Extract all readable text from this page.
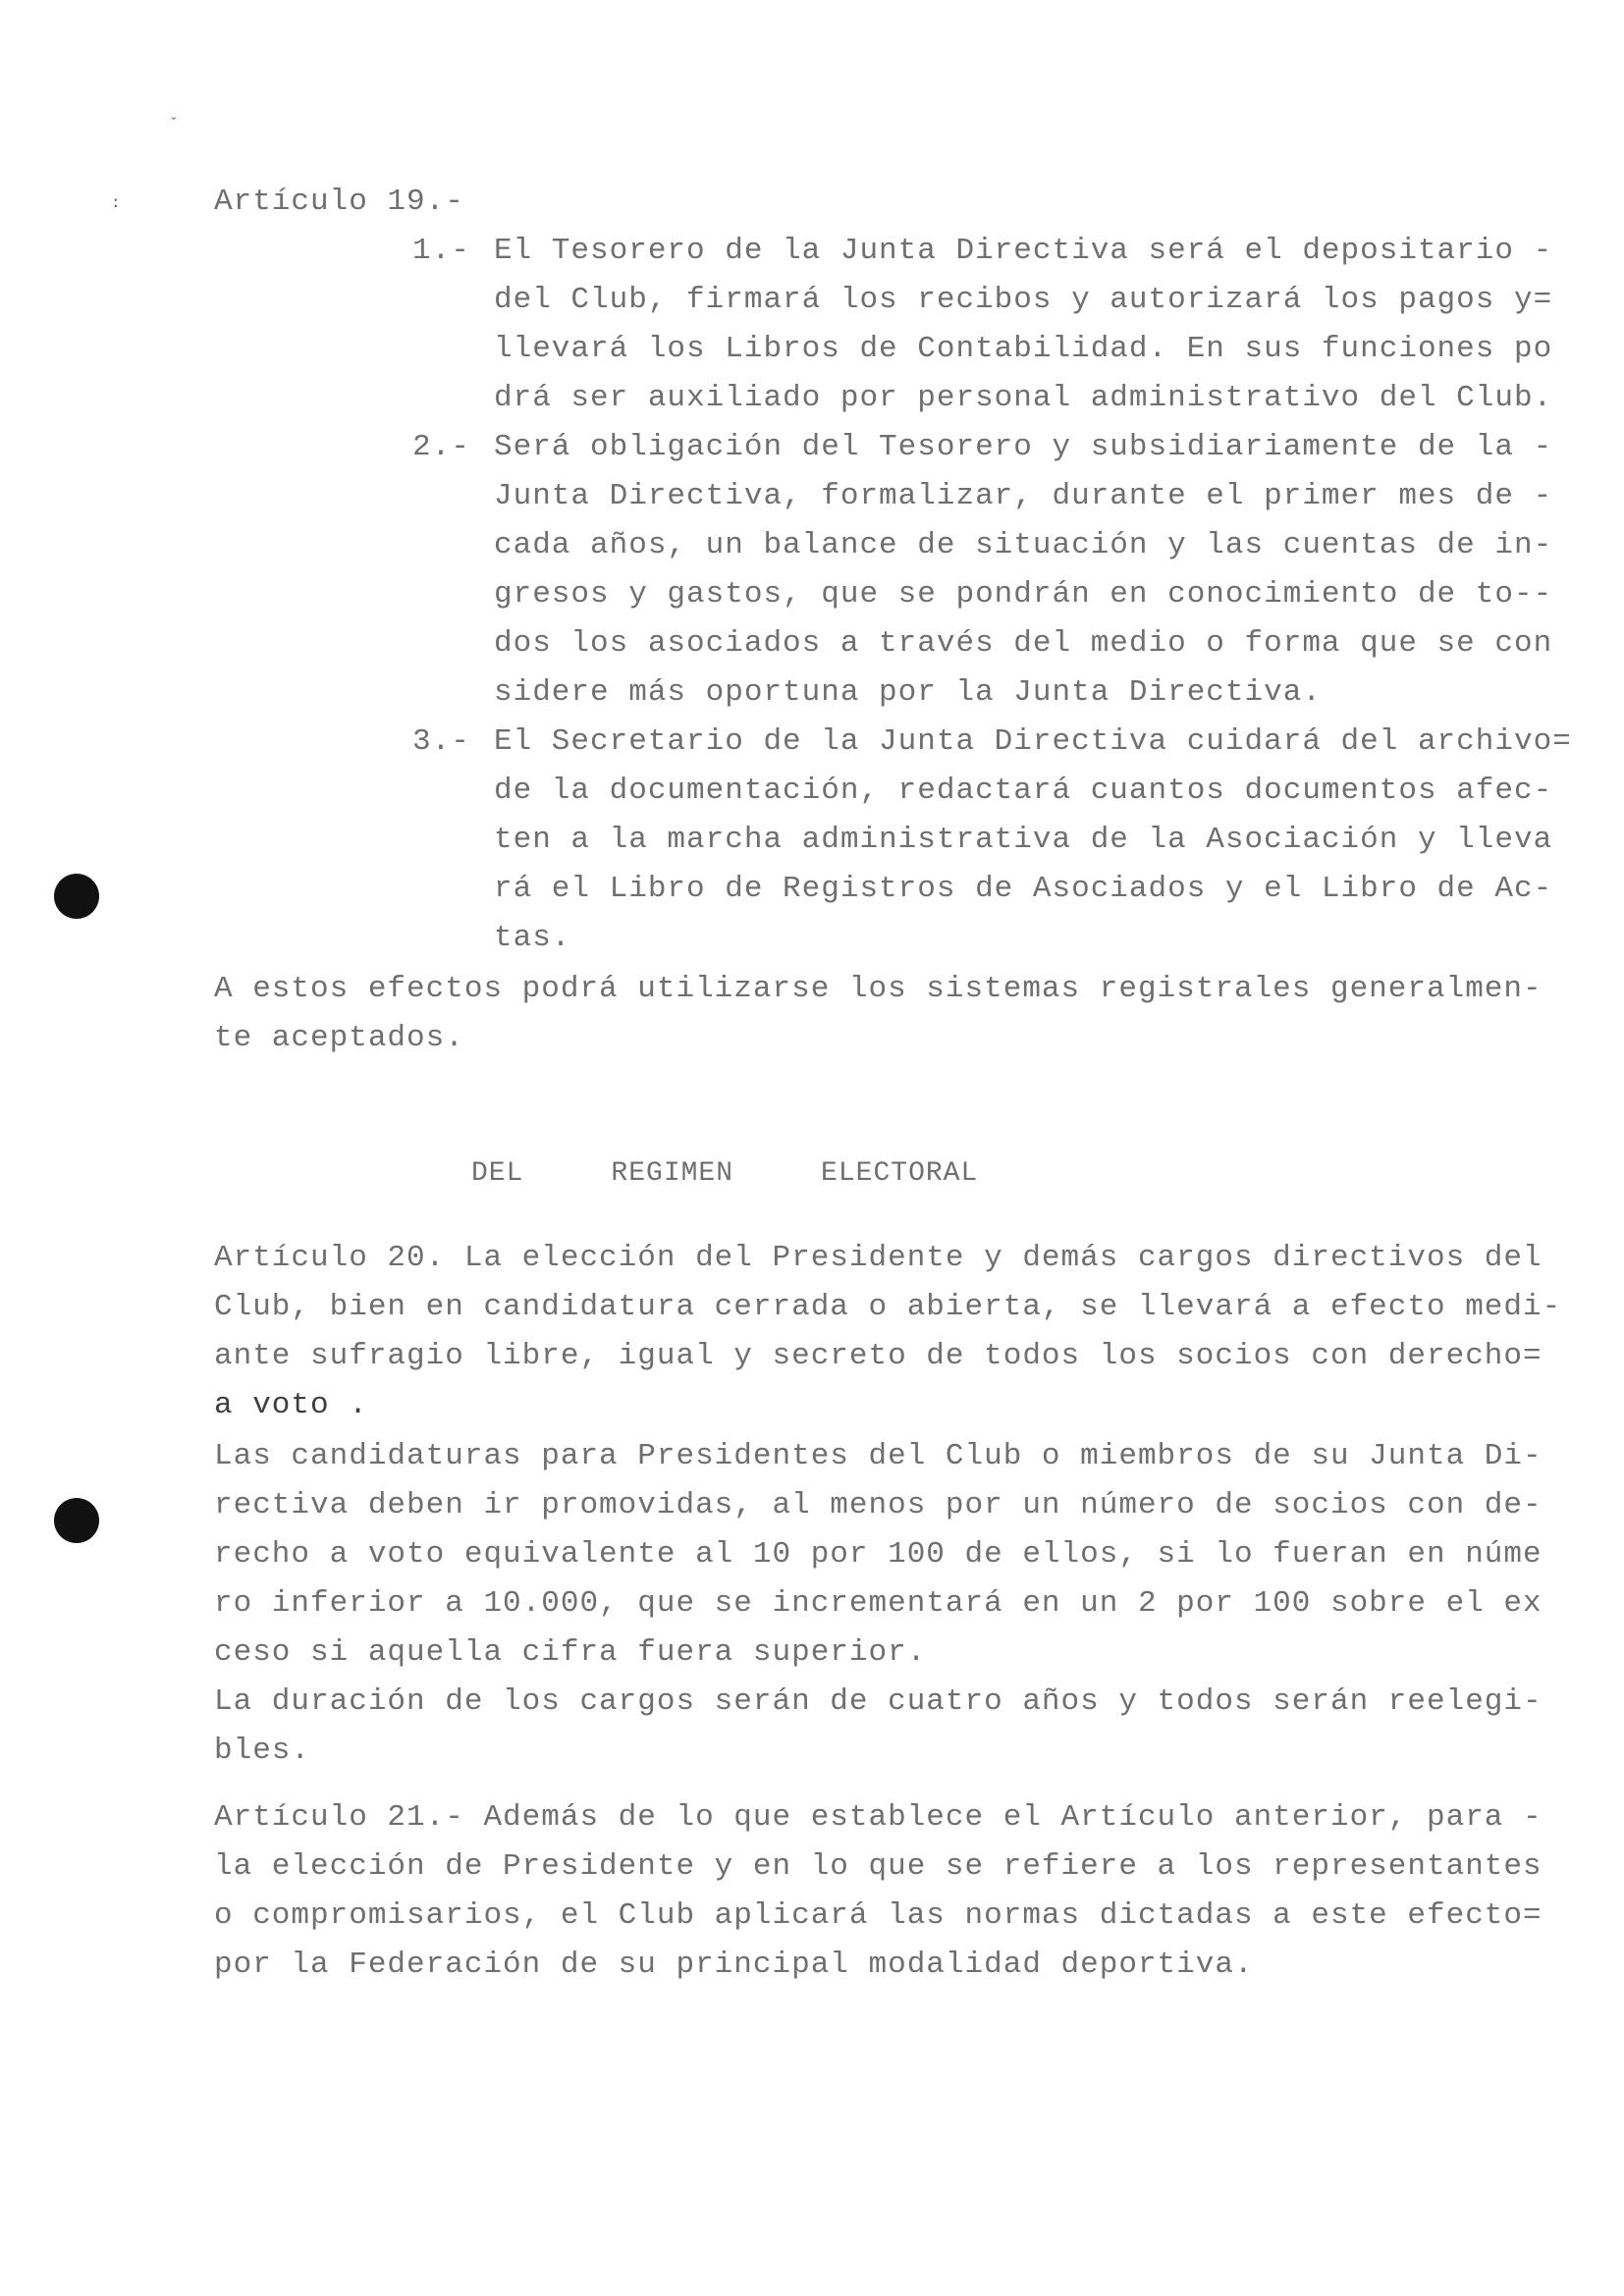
ˇ
:	Artículo 19.-
1.- El Tesorero de la Junta Directiva será el depositario -
del Club, firmará los recibos y autorizará los pagos y=
llevará los Libros de Contabilidad. En sus funciones po
drá ser auxiliado por personal administrativo del Club.
2.- Será obligación del Tesorero y subsidiariamente de la -
Junta Directiva, formalizar, durante el primer mes de -
cada años, un balance de situación y las cuentas de in-
gresos y gastos, que se pondrán en conocimiento de to--
dos los asociados a través del medio o forma que se con
sidere más oportuna por la Junta Directiva.
3.- El Secretario de la Junta Directiva cuidará del archivo=
de la documentación, redactará cuantos documentos afec-
ten a la marcha administrativa de la Asociación y lleva
rá el Libro de Registros de Asociados y el Libro de Ac-
tas.
A estos efectos podrá utilizarse los sistemas registrales generalmen-
te aceptados.
DEL     REGIMEN     ELECTORAL
Artículo 20. La elección del Presidente y demás cargos directivos del
Club, bien en candidatura cerrada o abierta, se llevará a efecto medi-
ante sufragio libre, igual y secreto de todos los socios con derecho=
a voto .
Las candidaturas para Presidentes del Club o miembros de su Junta Di-
rectiva deben ir promovidas, al menos por un número de socios con de-
recho a voto equivalente al 10 por 100 de ellos, si lo fueran en núme
ro inferior a 10.000, que se incrementará en un 2 por 100 sobre el ex
ceso si aquella cifra fuera superior.
La duración de los cargos serán de cuatro años y todos serán reelegi-
bles.
Artículo 21.- Además de lo que establece el Artículo anterior, para -
la elección de Presidente y en lo que se refiere a los representantes
o compromisarios, el Club aplicará las normas dictadas a este efecto=
por la Federación de su principal modalidad deportiva.
